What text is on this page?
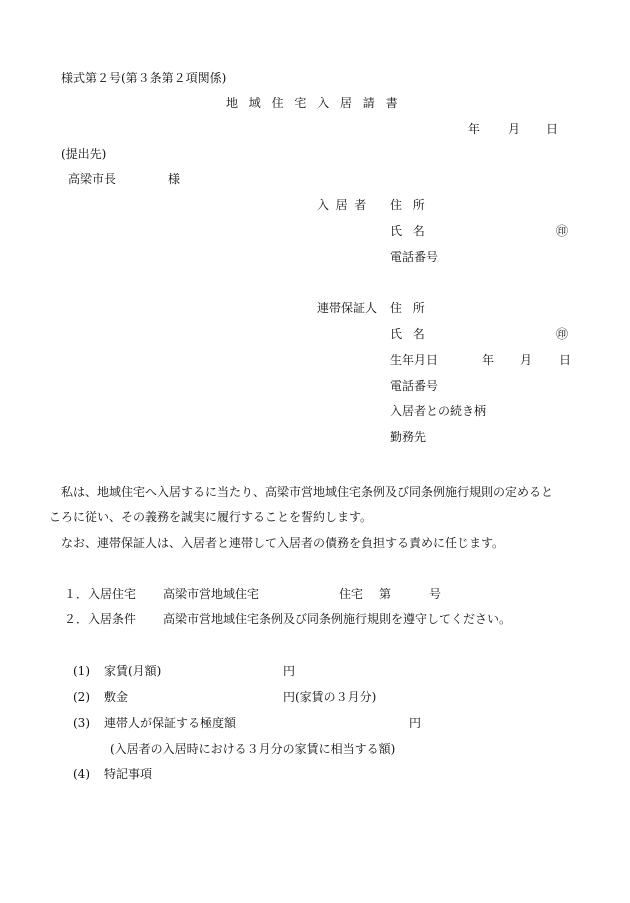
様式第２号(第３条第２項関係)
地域住宅入居請書
年 月 日
(提出先)
高梁市長	様
入居者 住所
氏名	㊞
電話番号
連帯保証人 住所
氏名	㊞
生年月日	年 月 日
電話番号
入居者との続き柄
勤務先
私は、地域住宅へ入居するに当たり、高梁市営地域住宅条例及び同条例施行規則の定めると
ころに従い、その義務を誠実に履行することを誓約します。
なお、連帯保証人は、入居者と連帯して入居者の債務を負担する責めに任じます。
１． 入居住宅 高梁市営地域住宅	住宅 第	号
２． 入居条件 高梁市営地域住宅条例及び同条例施行規則を遵守してください。
(1) 家賃(月額)	円
(2) 敷金	円(家賃の３月分)
(3) 連帯人が保証する極度額	円
(入居者の入居時における３月分の家賃に相当する額)
(4) 特記事項
